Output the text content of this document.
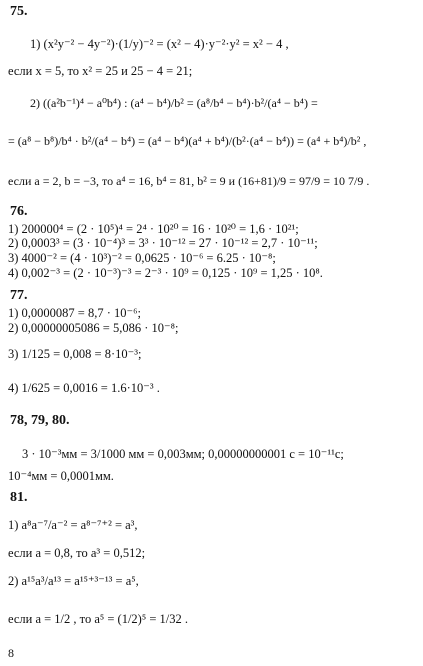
75.
1) (x²y⁻² − 4y⁻²)·(1/y)⁻² = (x² − 4)·y⁻²·y² = x² − 4 ,
если x = 5, то x² = 25 и 25 − 4 = 21;
2) ((a²b⁻¹)⁴ − a⁰b⁴) : (a⁴ − b⁴)/b² = (a⁸/b⁴ − b⁴)·b²/(a⁴ − b⁴) =
= (a⁸ − b⁸)/b⁴ · b²/(a⁴ − b⁴) = (a⁴ − b⁴)(a⁴ + b⁴)/(b²·(a⁴ − b⁴)) = (a⁴ + b⁴)/b² ,
если a = 2, b = −3, то a⁴ = 16, b⁴ = 81, b² = 9 и (16+81)/9 = 97/9 = 10 7/9 .
76.
1) 200000⁴ = (2 · 10⁵)⁴ = 2⁴ · 10²⁰ = 16 · 10²⁰ = 1,6 · 10²¹;
2) 0,0003³ = (3 · 10⁻⁴)³ = 3³ · 10⁻¹² = 27 · 10⁻¹² = 2,7 · 10⁻¹¹;
3) 4000⁻² = (4 · 10³)⁻² = 0,0625 · 10⁻⁶ = 6.25 · 10⁻⁸;
4) 0,002⁻³ = (2 · 10⁻³)⁻³ = 2⁻³ · 10⁹ = 0,125 · 10⁹ = 1,25 · 10⁸.
77.
1) 0,0000087 = 8,7 · 10⁻⁶;
2) 0,00000005086 = 5,086 · 10⁻⁸;
3) 1/125 = 0,008 = 8·10⁻³;
4) 1/625 = 0,0016 = 1.6·10⁻³ .
78, 79, 80.
3 · 10⁻³мм = 3/1000 мм = 0,003мм; 0,00000000001 с = 10⁻¹¹с;
10⁻⁴мм = 0,0001мм.
81.
1) a⁸a⁻⁷/a⁻² = a⁸⁻⁷⁺² = a³,
если a = 0,8, то a³ = 0,512;
2) a¹⁵a³/a¹³ = a¹⁵⁺³⁻¹³ = a⁵,
если a = 1/2 , то a⁵ = (1/2)⁵ = 1/32 .
8
